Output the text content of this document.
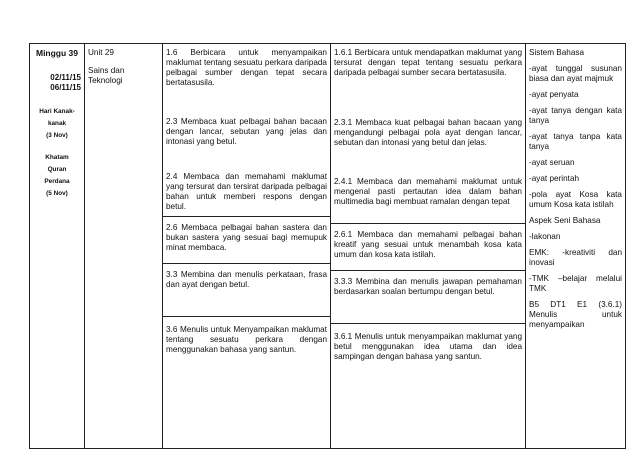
Minggu 39
02/11/15
06/11/15
Hari Kanak-
kanak
(3 Nov)
Khatam
Quran
Perdana
(5 Nov)

Unit 29
Sains dan Teknologi

1.6 Berbicara untuk menyampaikan maklumat tentang sesuatu perkara daripada pelbagai sumber dengan tepat secara bertatasusila.
2.3 Membaca kuat pelbagai bahan bacaan dengan lancar, sebutan yang jelas dan intonasi yang betul.
2.4 Membaca dan memahami maklumat yang tersurat dan tersirat daripada pelbagai bahan untuk memberi respons dengan betul.
2.6 Membaca pelbagai bahan sastera dan bukan sastera yang sesuai bagi memupuk minat membaca.
3.3 Membina dan menulis perkataan, frasa dan ayat dengan betul.
3.6 Menulis untuk Menyampaikan maklumat tentang sesuatu perkara dengan menggunakan bahasa yang santun.

1.6.1 Berbicara untuk mendapatkan maklumat yang tersurat dengan tepat tentang sesuatu perkara daripada pelbagai sumber secara bertatasusila.
2.3.1 Membaca kuat pelbagai bahan bacaan yang mengandungi pelbagai pola ayat dengan lancar, sebutan dan intonasi yang betul dan jelas.
2.4.1 Membaca dan memahami maklumat untuk mengenal pasti pertautan idea dalam bahan multimedia bagi membuat ramalan dengan tepat
2.6.1 Membaca dan memahami pelbagai bahan kreatif yang sesuai untuk menambah kosa kata umum dan kosa kata istilah.
3.3.3 Membina dan menulis jawapan pemahaman berdasarkan soalan bertumpu dengan betul.
3.6.1 Menulis untuk menyampaikan maklumat yang betul menggunakan idea utama dan idea sampingan dengan bahasa yang santun.

Sistem Bahasa
-ayat tunggal susunan biasa dan ayat majmuk
-ayat penyata
-ayat tanya dengan kata tanya
-ayat tanya tanpa kata tanya
-ayat seruan
-ayat perintah
-pola ayat Kosa kata umum Kosa kata istilah
Aspek Seni Bahasa
-lakonan
EMK: -kreativiti dan inovasi
-TMK –belajar melalui TMK
B5 DT1 E1 (3.6.1) Menulis untuk menyampaikan
